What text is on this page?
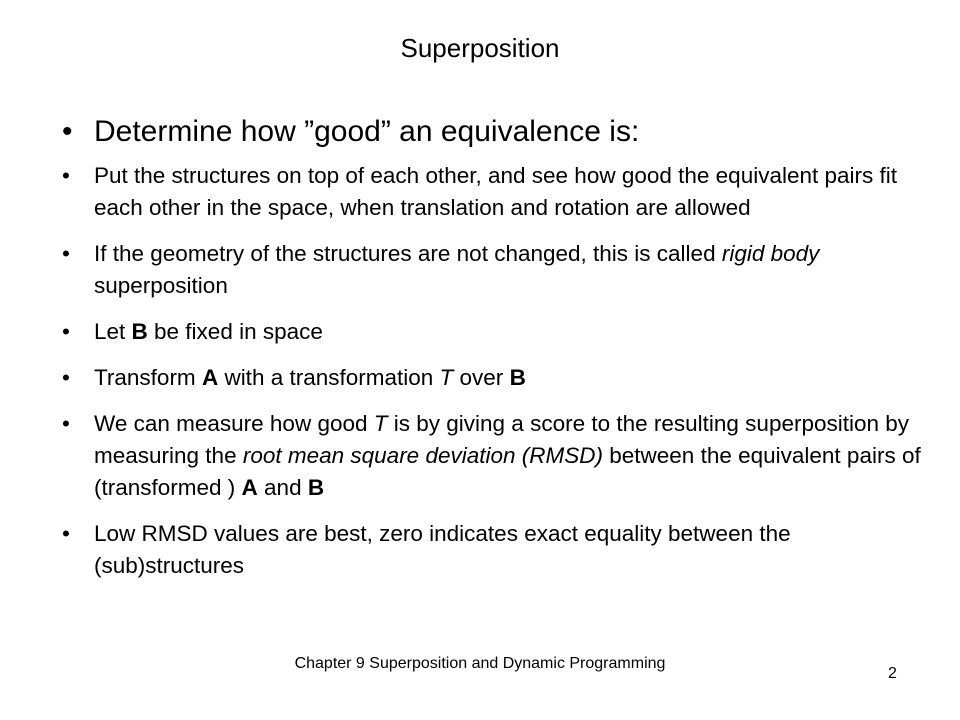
Superposition
• Determine how ”good” an equivalence is:
• Put the structures on top of each other, and see how good the equivalent pairs fit each other in the space, when translation and rotation are allowed
• If the geometry of the structures are not changed, this is called rigid body superposition
• Let B be fixed in space
• Transform A with a transformation T over B
• We can measure how good T is by giving a score to the resulting superposition by measuring the root mean square deviation (RMSD) between the equivalent pairs of (transformed ) A and B
• Low RMSD values are best, zero indicates exact equality between the (sub)structures
Chapter 9 Superposition and Dynamic Programming
2
